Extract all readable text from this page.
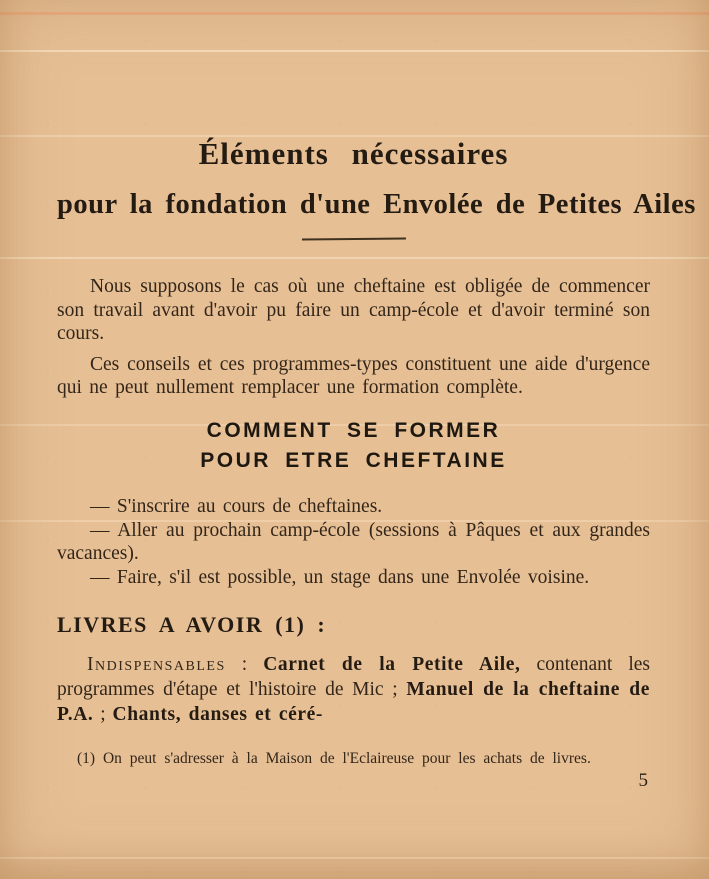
Éléments nécessaires
pour la fondation d'une Envolée de Petites Ailes

Nous supposons le cas où une cheftaine est obligée de commencer son travail avant d'avoir pu faire un camp-école et d'avoir terminé son cours.

Ces conseils et ces programmes-types constituent une aide d'urgence qui ne peut nullement remplacer une formation complète.

COMMENT SE FORMER
POUR ETRE CHEFTAINE

— S'inscrire au cours de cheftaines.

— Aller au prochain camp-école (sessions à Pâques et aux grandes vacances).

— Faire, s'il est possible, un stage dans une Envolée voisine.

LIVRES A AVOIR (1) :

Indispensables : Carnet de la Petite Aile, contenant les programmes d'étape et l'histoire de Mic ; Manuel de la cheftaine de P.A. ; Chants, danses et céré-

(1) On peut s'adresser à la Maison de l'Eclaireuse pour les achats de livres.

5
